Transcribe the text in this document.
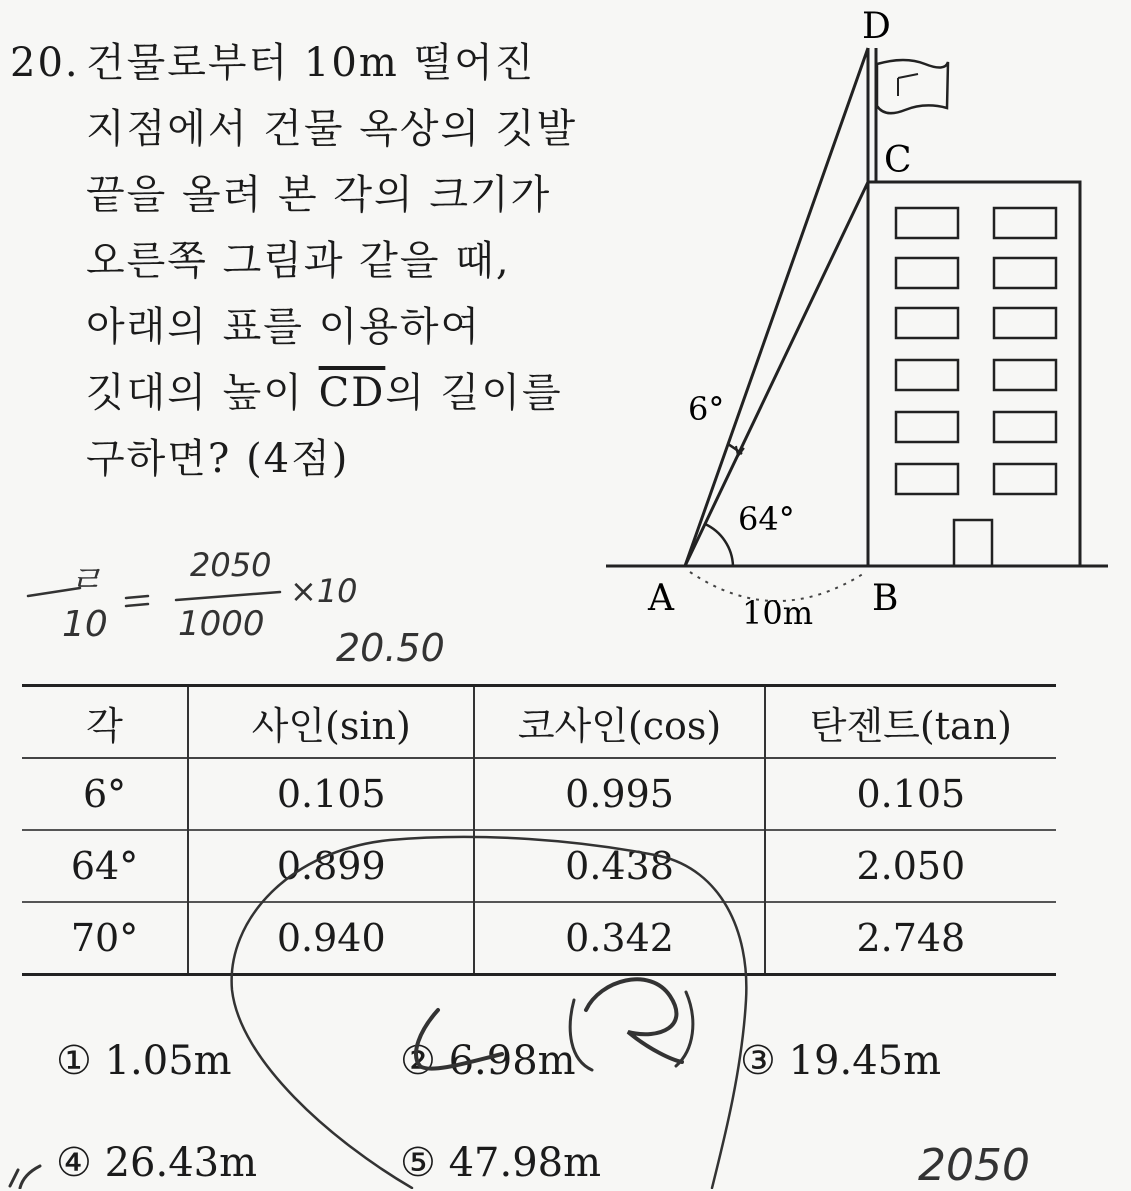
20. 건물로부터 10m 떨어진
지점에서 건물 옥상의 깃발
끝을 올려 본 각의 크기가
오른쪽 그림과 같을 때,
아래의 표를 이용하여
깃대의 높이 $\overline{CD}$의 길이를
구하면? (4점)
D
C
A	B
6°
64°
10m
ㄹ
10
2050
1000
×10
20.50
2050
각	사인(sin)	코사인(cos)	탄젠트(tan)
6°	0.105	0.995	0.105
64°	0.899	0.438	2.050
70°	0.940	0.342	2.748
① 1.05m	② 6.98m	③ 19.45m
④ 26.43m	⑤ 47.98m
